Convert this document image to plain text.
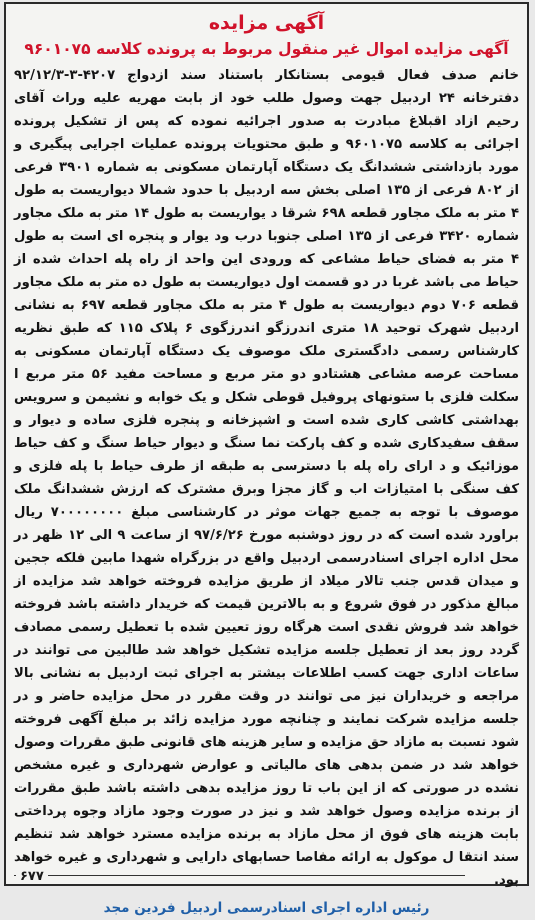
آگهی مزایده
آگهی مزایده اموال غیر منقول مربوط به پرونده کلاسه ۹۶۰۱۰۷۵
خانم صدف فعال قیومی بستانکار باستناد سند ازدواج ۴۲۰۷-۳-۹۲/۱۲/۳ دفترخانه ۲۴ اردبیل جهت وصول طلب خود از بابت مهریه علیه وراث آقای رحیم ازاد اقبلاغ مبادرت به صدور اجرائیه نموده که پس از تشکیل پرونده اجرائی به کلاسه ۹۶۰۱۰۷۵ و طبق محتویات پرونده عملیات اجرایی پیگیری و مورد بازداشتی ششدانگ یک دستگاه آپارتمان مسکونی به شماره ۳۹۰۱ فرعی از ۸۰۲ فرعی از ۱۳۵ اصلی بخش سه اردبیل با حدود شمالا دیواریست به طول ۴ متر به ملک مجاور قطعه ۶۹۸ شرقا د یواریست به طول ۱۴ متر به ملک مجاور شماره ۳۴۲۰ فرعی از ۱۳۵ اصلی جنوبا درب ود یوار و پنجره ای است به طول ۴ متر به فضای حیاط مشاعی که ورودی این واحد از راه پله احداث شده از حیاط می باشد غربا در دو قسمت اول دیواریست به طول ده متر به ملک مجاور قطعه ۷۰۶ دوم دیواریست به طول ۴ متر به ملک مجاور قطعه ۶۹۷ به نشانی اردبیل شهرک توحید ۱۸ متری اندرزگو اندرزگوی ۶ پلاک ۱۱۵ که طبق نظریه کارشناس رسمی دادگستری ملک موصوف یک دستگاه آپارتمان مسکونی به مساحت عرصه مشاعی هشتادو دو متر مربع و مساحت مفید ۵۶ متر مربع ا سکلت فلزی با ستونهای پروفیل قوطی شکل و یک خوابه و نشیمن و سرویس بهداشتی کاشی کاری شده است و اشپزخانه و پنجره فلزی ساده و دیوار و سقف سفیدکاری شده و کف پارکت نما سنگ و دیوار حیاط سنگ و کف حیاط موزائیک و د ارای راه پله با دسترسی به طبقه از طرف حیاط با پله فلزی و کف سنگی با امتیازات اب و گاز مجزا وبرق مشترک که ارزش ششدانگ ملک موصوف با توجه به جمیع جهات موثر در کارشناسی مبلغ ۷۰۰۰۰۰۰۰۰ ریال براورد شده است که در روز دوشنبه مورخ ۹۷/۶/۲۶ از ساعت ۹ الی ۱۲ ظهر در محل اداره اجرای اسنادرسمی اردبیل واقع در بزرگراه شهدا مابین فلکه ججین و میدان قدس جنب تالار میلاد از طریق مزایده فروخته خواهد شد مزایده از مبالغ مذکور در فوق شروع و به بالاترین قیمت که خریدار داشته باشد فروخته خواهد شد فروش نقدی است هرگاه روز تعیین شده با تعطیل رسمی مصادف گردد روز بعد از تعطیل جلسه مزایده تشکیل خواهد شد طالبین می توانند در ساعات اداری جهت کسب اطلاعات بیشتر به اجرای ثبت اردبیل به نشانی بالا مراجعه و خریداران نیز می توانند در وقت مقرر در محل مزایده حاضر و در جلسه مزایده شرکت نمایند و چنانچه مورد مزایده زائد بر مبلغ آگهی فروخته شود نسبت به مازاد حق مزایده و سایر هزینه های قانونی طبق مقررات وصول خواهد شد در ضمن بدهی های مالیاتی و عوارض شهرداری و غیره مشخص نشده در صورتی که از این باب تا روز مزایده بدهی داشته باشد طبق مقررات از برنده مزایده وصول خواهد شد و نیز در صورت وجود مازاد وجوه پرداختی بابت هزینه های فوق از محل مازاد به برنده مزایده مسترد خواهد شد تنظیم سند انتقا ل موکول به ارائه مفاصا حسابهای دارایی و شهرداری و غیره خواهد بود.
رئیس اداره اجرای اسنادرسمی اردبیل فردین مجد
۶۷۷
